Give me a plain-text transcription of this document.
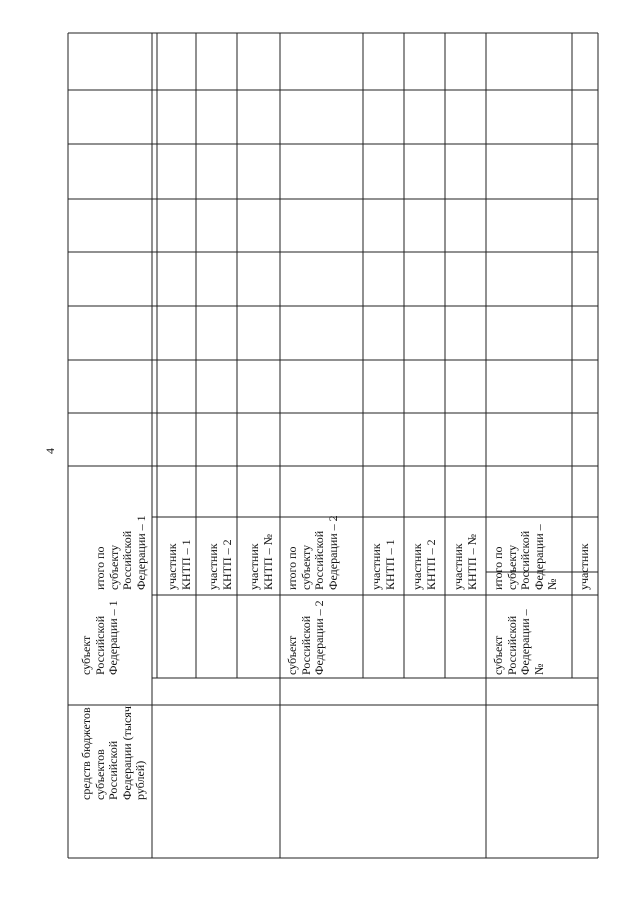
4
средств бюджетов субъектов Российской Федерации (тысяч рублей)
субъект Российской Федерации – 1
итого по субъекту Российской Федерации – 1 участник КНТП – 1 участник КНТП – 2 участник КНТП – №
субъект Российской Федерации – 2
итого по субъекту Российской Федерации – 2 участник КНТП – 1 участник КНТП – 2 участник КНТП – №
субъект Российской Федерации – №
итого по субъекту Российской Федерации – № участник
